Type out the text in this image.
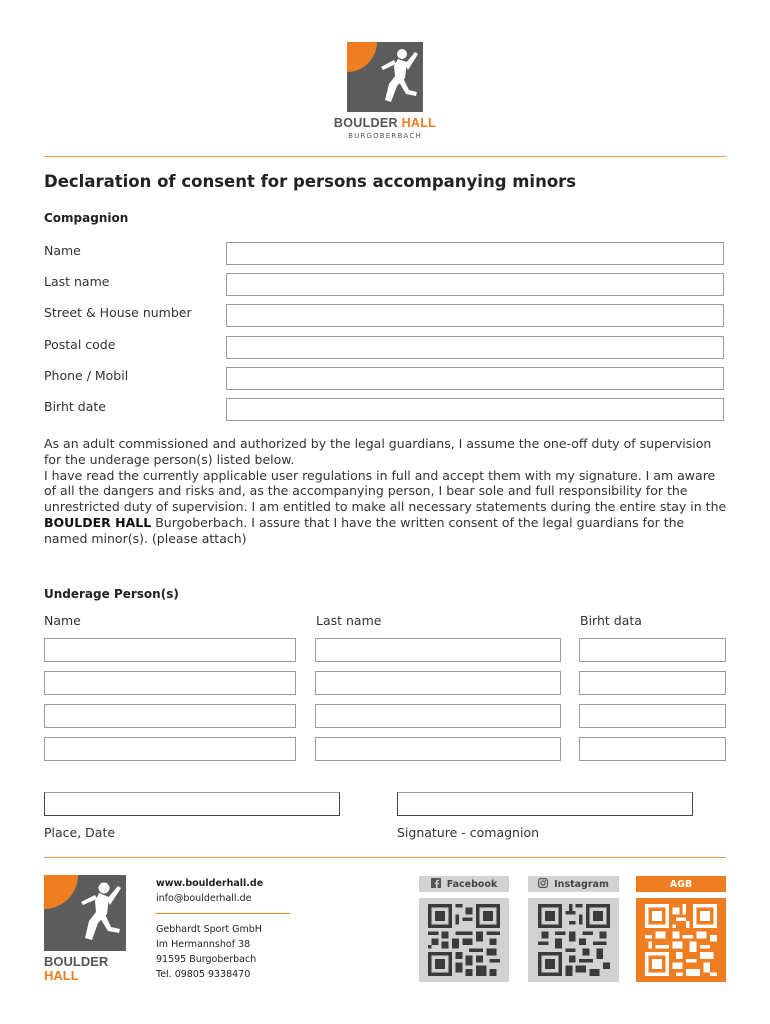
BOULDER HALL
BURGOBERBACH
Declaration of consent for persons accompanying minors
Compagnion
Name
Last name
Street & House number
Postal code
Phone / Mobil
Birht date
As an adult commissioned and authorized by the legal guardians, I assume the one-off duty of supervision for the underage person(s) listed below.
I have read the currently applicable user regulations in full and accept them with my signature. I am aware of all the dangers and risks and, as the accompanying person, I bear sole and full responsibility for the unrestricted duty of supervision. I am entitled to make all necessary statements during the entire stay in the BOULDER HALL Burgoberbach. I assure that I have the written consent of the legal guardians for the named minor(s). (please attach)
Underage Person(s)
Name	Last name	Birht data
Place, Date	Signature - comagnion
BOULDER
HALL
www.boulderhall.de
info@boulderhall.de
Gebhardt Sport GmbH
Im Hermannshof 38
91595 Burgoberbach
Tel. 09805 9338470
Facebook	Instagram	AGB
